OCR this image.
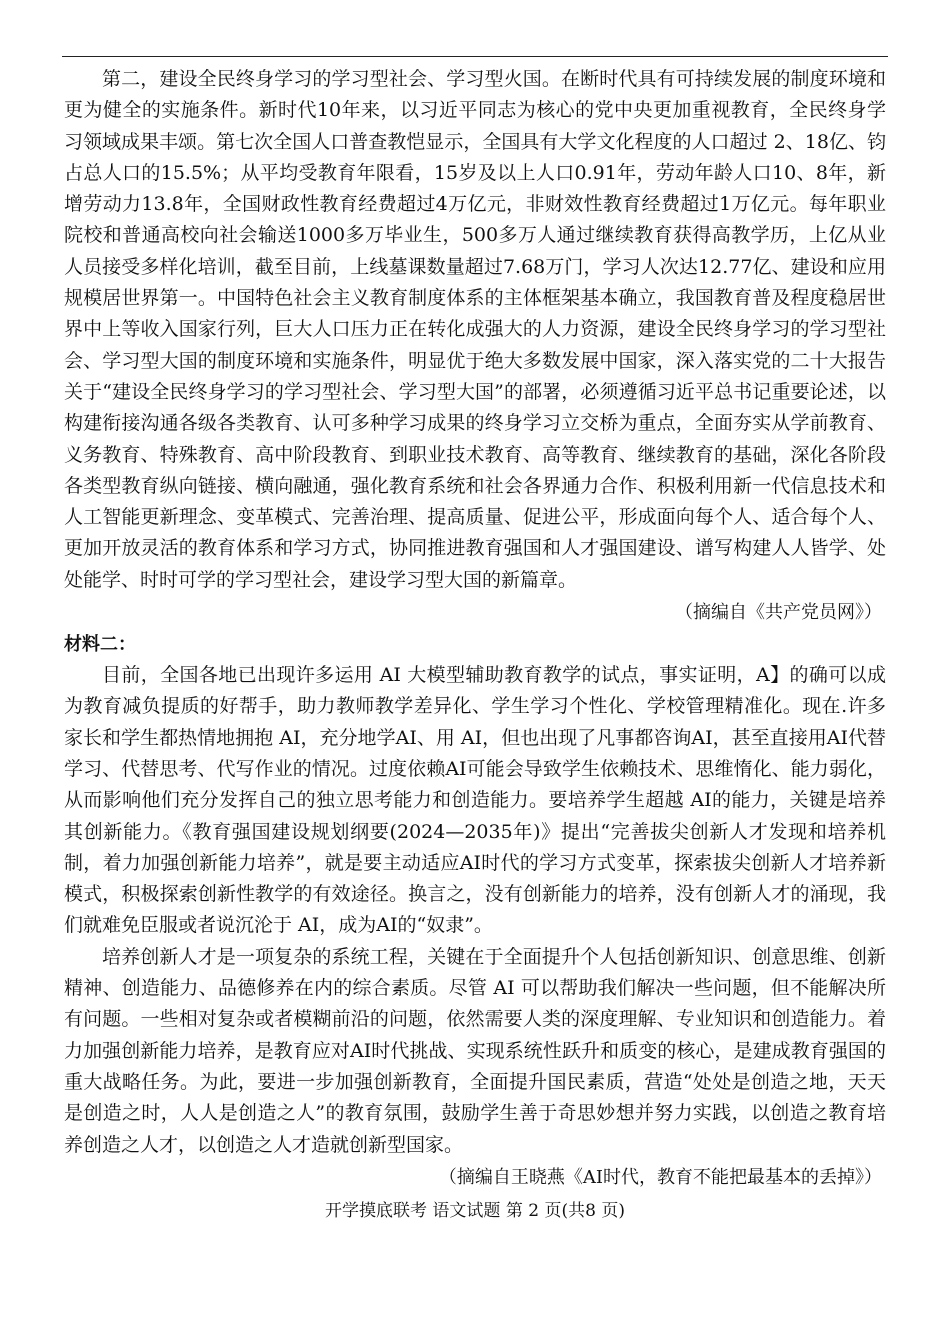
第二，建设全民终身学习的学习型社会、学习型火国。在断时代具有可持续发展的制度环境和更为健全的实施条件。新时代10年来，以习近平同志为核心的党中央更加重视教育，全民终身学习领域成果丰颂。第七次全国人口普查教恺显示，全国具有大学文化程度的人口超过 2、18亿、钧占总人口的15.5%；从平均受教育年限看，15岁及以上人口0.91年，劳动年龄人口10、8年，新增劳动力13.8年，全国财政性教育经费超过4万亿元，非财效性教育经费超过1万亿元。每年职业院校和普通高校向社会输送1000多万毕业生，500多万人通过继续教育获得高教学历，上亿从业人员接受多样化培训，截至目前，上线墓课数量超过7.68万门，学习人次达12.77亿、建设和应用规模居世界第一。中国特色社会主义教育制度体系的主体框架基本确立，我国教育普及程度稳居世界中上等收入国家行列，巨大人口压力正在转化成强大的人力资源，建设全民终身学习的学习型社会、学习型大国的制度环境和实施条件，明显优于绝大多数发展中国家，深入落实党的二十大报告关于“建设全民终身学习的学习型社会、学习型大国”的部署，必须遵循习近平总书记重要论述，以构建衔接沟通各级各类教育、认可多种学习成果的终身学习立交桥为重点，全面夯实从学前教育、义务教育、特殊教育、高中阶段教育、到职业技术教育、高等教育、继续教育的基础，深化各阶段各类型教育纵向链接、横向融通，强化教育系统和社会各界通力合作、积极利用新一代信息技术和人工智能更新理念、变革模式、完善治理、提高质量、促进公平，形成面向每个人、适合每个人、更加开放灵活的教育体系和学习方式，协同推进教育强国和人才强国建设、谱写构建人人皆学、处处能学、时时可学的学习型社会，建设学习型大国的新篇章。

（摘编自《共产党员网》）

材料二：

目前，全国各地已出现许多运用 AI 大模型辅助教育教学的试点，事实证明，A】的确可以成为教育减负提质的好帮手，助力教师教学差异化、学生学习个性化、学校管理精准化。现在.许多家长和学生都热情地拥抱 AI，充分地学AI、用 AI，但也出现了凡事都咨询AI，甚至直接用AI代替学习、代替思考、代写作业的情况。过度依赖AI可能会导致学生依赖技术、思维惰化、能力弱化，从而影响他们充分发挥自己的独立思考能力和创造能力。要培养学生超越 AI的能力，关键是培养其创新能力。《教育强国建设规划纲要(2024—2035年)》提出“完善拔尖创新人才发现和培养机制，着力加强创新能力培养”，就是要主动适应AI时代的学习方式变革，探索拔尖创新人才培养新模式，积极探索创新性教学的有效途径。换言之，没有创新能力的培养，没有创新人才的涌现，我们就难免臣服或者说沉沦于 AI，成为AI的“奴隶”。

培养创新人才是一项复杂的系统工程，关键在于全面提升个人包括创新知识、创意思维、创新精神、创造能力、品德修养在内的综合素质。尽管 AI 可以帮助我们解决一些问题，但不能解决所有问题。一些相对复杂或者模糊前沿的问题，依然需要人类的深度理解、专业知识和创造能力。着力加强创新能力培养，是教育应对AI时代挑战、实现系统性跃升和质变的核心，是建成教育强国的重大战略任务。为此，要进一步加强创新教育，全面提升国民素质，营造“处处是创造之地，天天是创造之时，人人是创造之人”的教育氛围，鼓励学生善于奇思妙想并努力实践，以创造之教育培养创造之人才，以创造之人才造就创新型国家。

（摘编自王晓燕《AI时代，教育不能把最基本的丢掉》）

开学摸底联考 语文试题 第 2 页(共8 页)
